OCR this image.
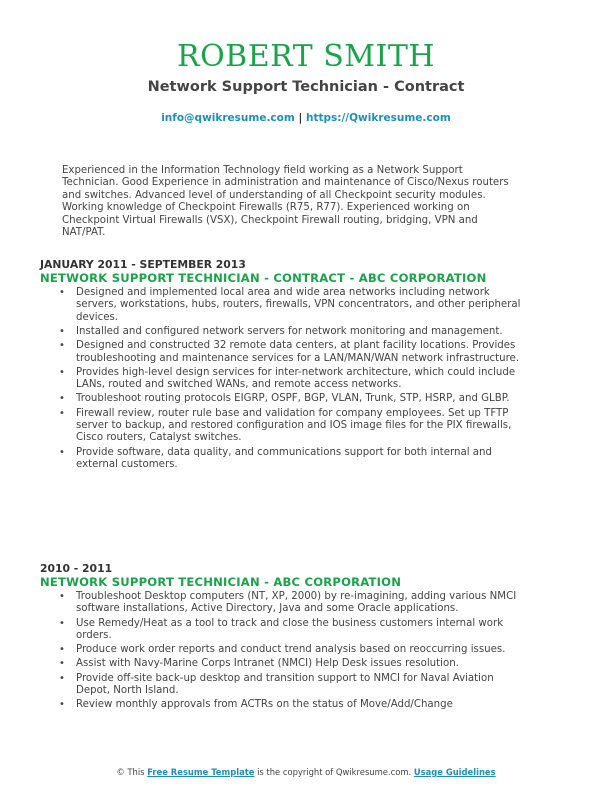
ROBERT SMITH
Network Support Technician - Contract
info@qwikresume.com | https://Qwikresume.com
Experienced in the Information Technology field working as a Network Support Technician. Good Experience in administration and maintenance of Cisco/Nexus routers and switches. Advanced level of understanding of all Checkpoint security modules. Working knowledge of Checkpoint Firewalls (R75, R77). Experienced working on Checkpoint Virtual Firewalls (VSX), Checkpoint Firewall routing, bridging, VPN and NAT/PAT.
JANUARY 2011 - SEPTEMBER 2013
NETWORK SUPPORT TECHNICIAN - CONTRACT - ABC CORPORATION
• Designed and implemented local area and wide area networks including network servers, workstations, hubs, routers, firewalls, VPN concentrators, and other peripheral devices.
• Installed and configured network servers for network monitoring and management.
• Designed and constructed 32 remote data centers, at plant facility locations. Provides troubleshooting and maintenance services for a LAN/MAN/WAN network infrastructure.
• Provides high-level design services for inter-network architecture, which could include LANs, routed and switched WANs, and remote access networks.
• Troubleshoot routing protocols EIGRP, OSPF, BGP, VLAN, Trunk, STP, HSRP, and GLBP.
• Firewall review, router rule base and validation for company employees. Set up TFTP server to backup, and restored configuration and IOS image files for the PIX firewalls, Cisco routers, Catalyst switches.
• Provide software, data quality, and communications support for both internal and external customers.
2010 - 2011
NETWORK SUPPORT TECHNICIAN - ABC CORPORATION
• Troubleshoot Desktop computers (NT, XP, 2000) by re-imagining, adding various NMCI software installations, Active Directory, Java and some Oracle applications.
• Use Remedy/Heat as a tool to track and close the business customers internal work orders.
• Produce work order reports and conduct trend analysis based on reoccurring issues.
• Assist with Navy-Marine Corps Intranet (NMCI) Help Desk issues resolution.
• Provide off-site back-up desktop and transition support to NMCI for Naval Aviation Depot, North Island.
• Review monthly approvals from ACTRs on the status of Move/Add/Change
© This Free Resume Template is the copyright of Qwikresume.com. Usage Guidelines
